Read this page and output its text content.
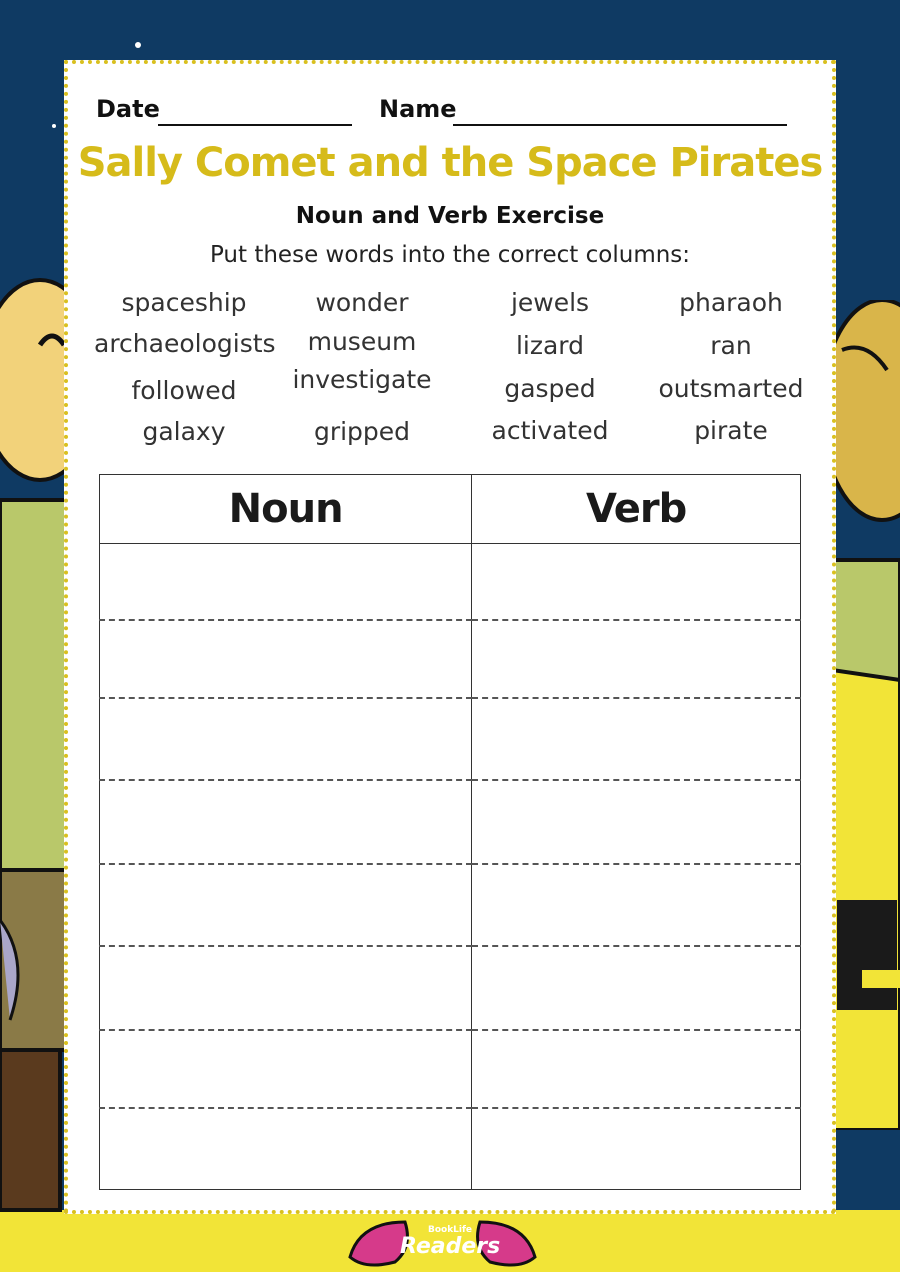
Date	Name
Sally Comet and the Space Pirates
Noun and Verb Exercise
Put these words into the correct columns:
spaceship	wonder	jewels	pharaoh
archaeologists	museum	lizard	ran
followed	investigate	gasped	outsmarted
galaxy	gripped	activated	pirate
Noun	Verb

BookLife
Readers
